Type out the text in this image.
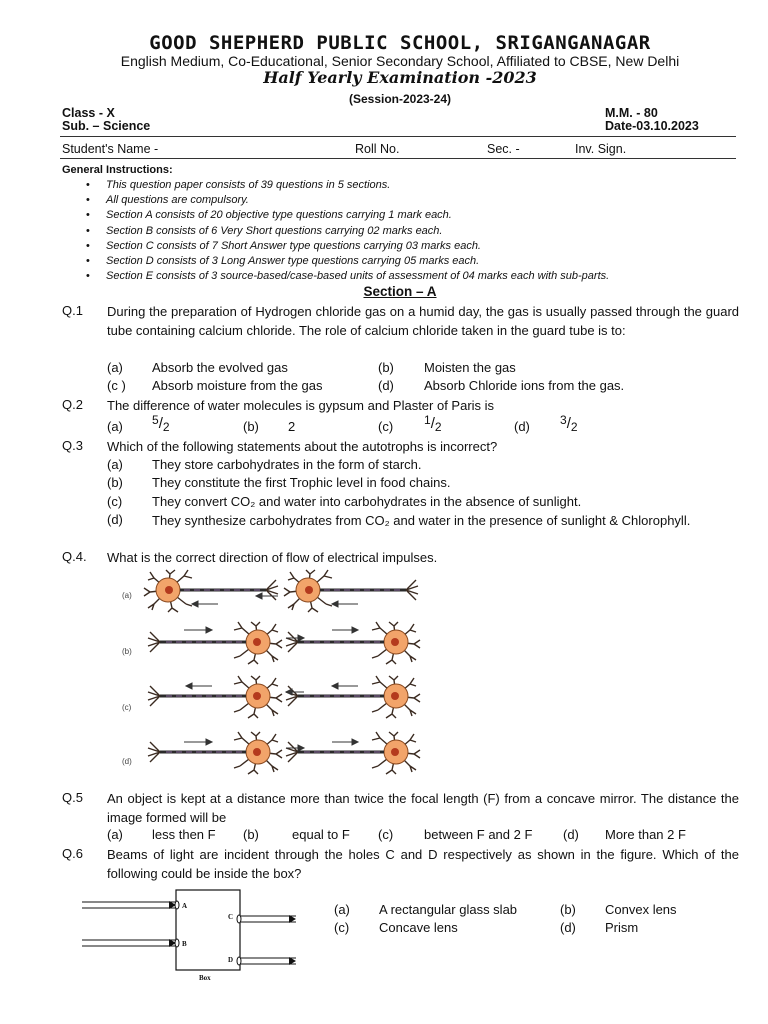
GOOD SHEPHERD PUBLIC SCHOOL, SRIGANGANAGAR
English Medium, Co-Educational, Senior Secondary School, Affiliated to CBSE, New Delhi
Half Yearly Examination -2023
(Session-2023-24)
Class - X
Sub. – Science
M.M. - 80
Date-03.10.2023
Student's Name -	Roll No.	Sec. -	Inv. Sign.
General Instructions:
• This question paper consists of 39 questions in 5 sections.
• All questions are compulsory.
• Section A consists of 20 objective type questions carrying 1 mark each.
• Section B consists of 6 Very Short questions carrying 02 marks each.
• Section C consists of 7 Short Answer type questions carrying 03 marks each.
• Section D consists of 3 Long Answer type questions carrying 05 marks each.
• Section E consists of 3 source-based/case-based units of assessment of 04 marks each with sub-parts.
Section – A
Q.1 During the preparation of Hydrogen chloride gas on a humid day, the gas is usually passed through the guard tube containing calcium chloride. The role of calcium chloride taken in the guard tube is to:
(a) Absorb the evolved gas	(b) Moisten the gas
(c ) Absorb moisture from the gas	(d) Absorb Chloride ions from the gas.
Q.2 The difference of water molecules is gypsum and Plaster of Paris is
(a) $^5/_2$	(b) 2	(c)	$^1/_2$	(d)	$^3/_2$
Q.3 Which of the following statements about the autotrophs is incorrect?
(a) They store carbohydrates in the form of starch.
(b) They constitute the first Trophic level in food chains.
(c) They convert CO₂ and water into carbohydrates in the absence of sunlight.
(d) They synthesize carbohydrates from CO₂ and water in the presence of sunlight & Chlorophyll.
Q.4. What is the correct direction of flow of electrical impulses.
(a)
(b)
(c)
(d)
Q.5 An object is kept at a distance more than twice the focal length (F) from a concave mirror. The distance the image formed will be
(a) less then F (b)	equal to F (c) between F and 2 F (d) More than 2 F
Q.6 Beams of light are incident through the holes C and D respectively as shown in the figure. Which of the following could be inside the box?
A
B
C
D
Box
(a) A rectangular glass slab	(b) Convex lens
(c) Concave lens	(d) Prism
